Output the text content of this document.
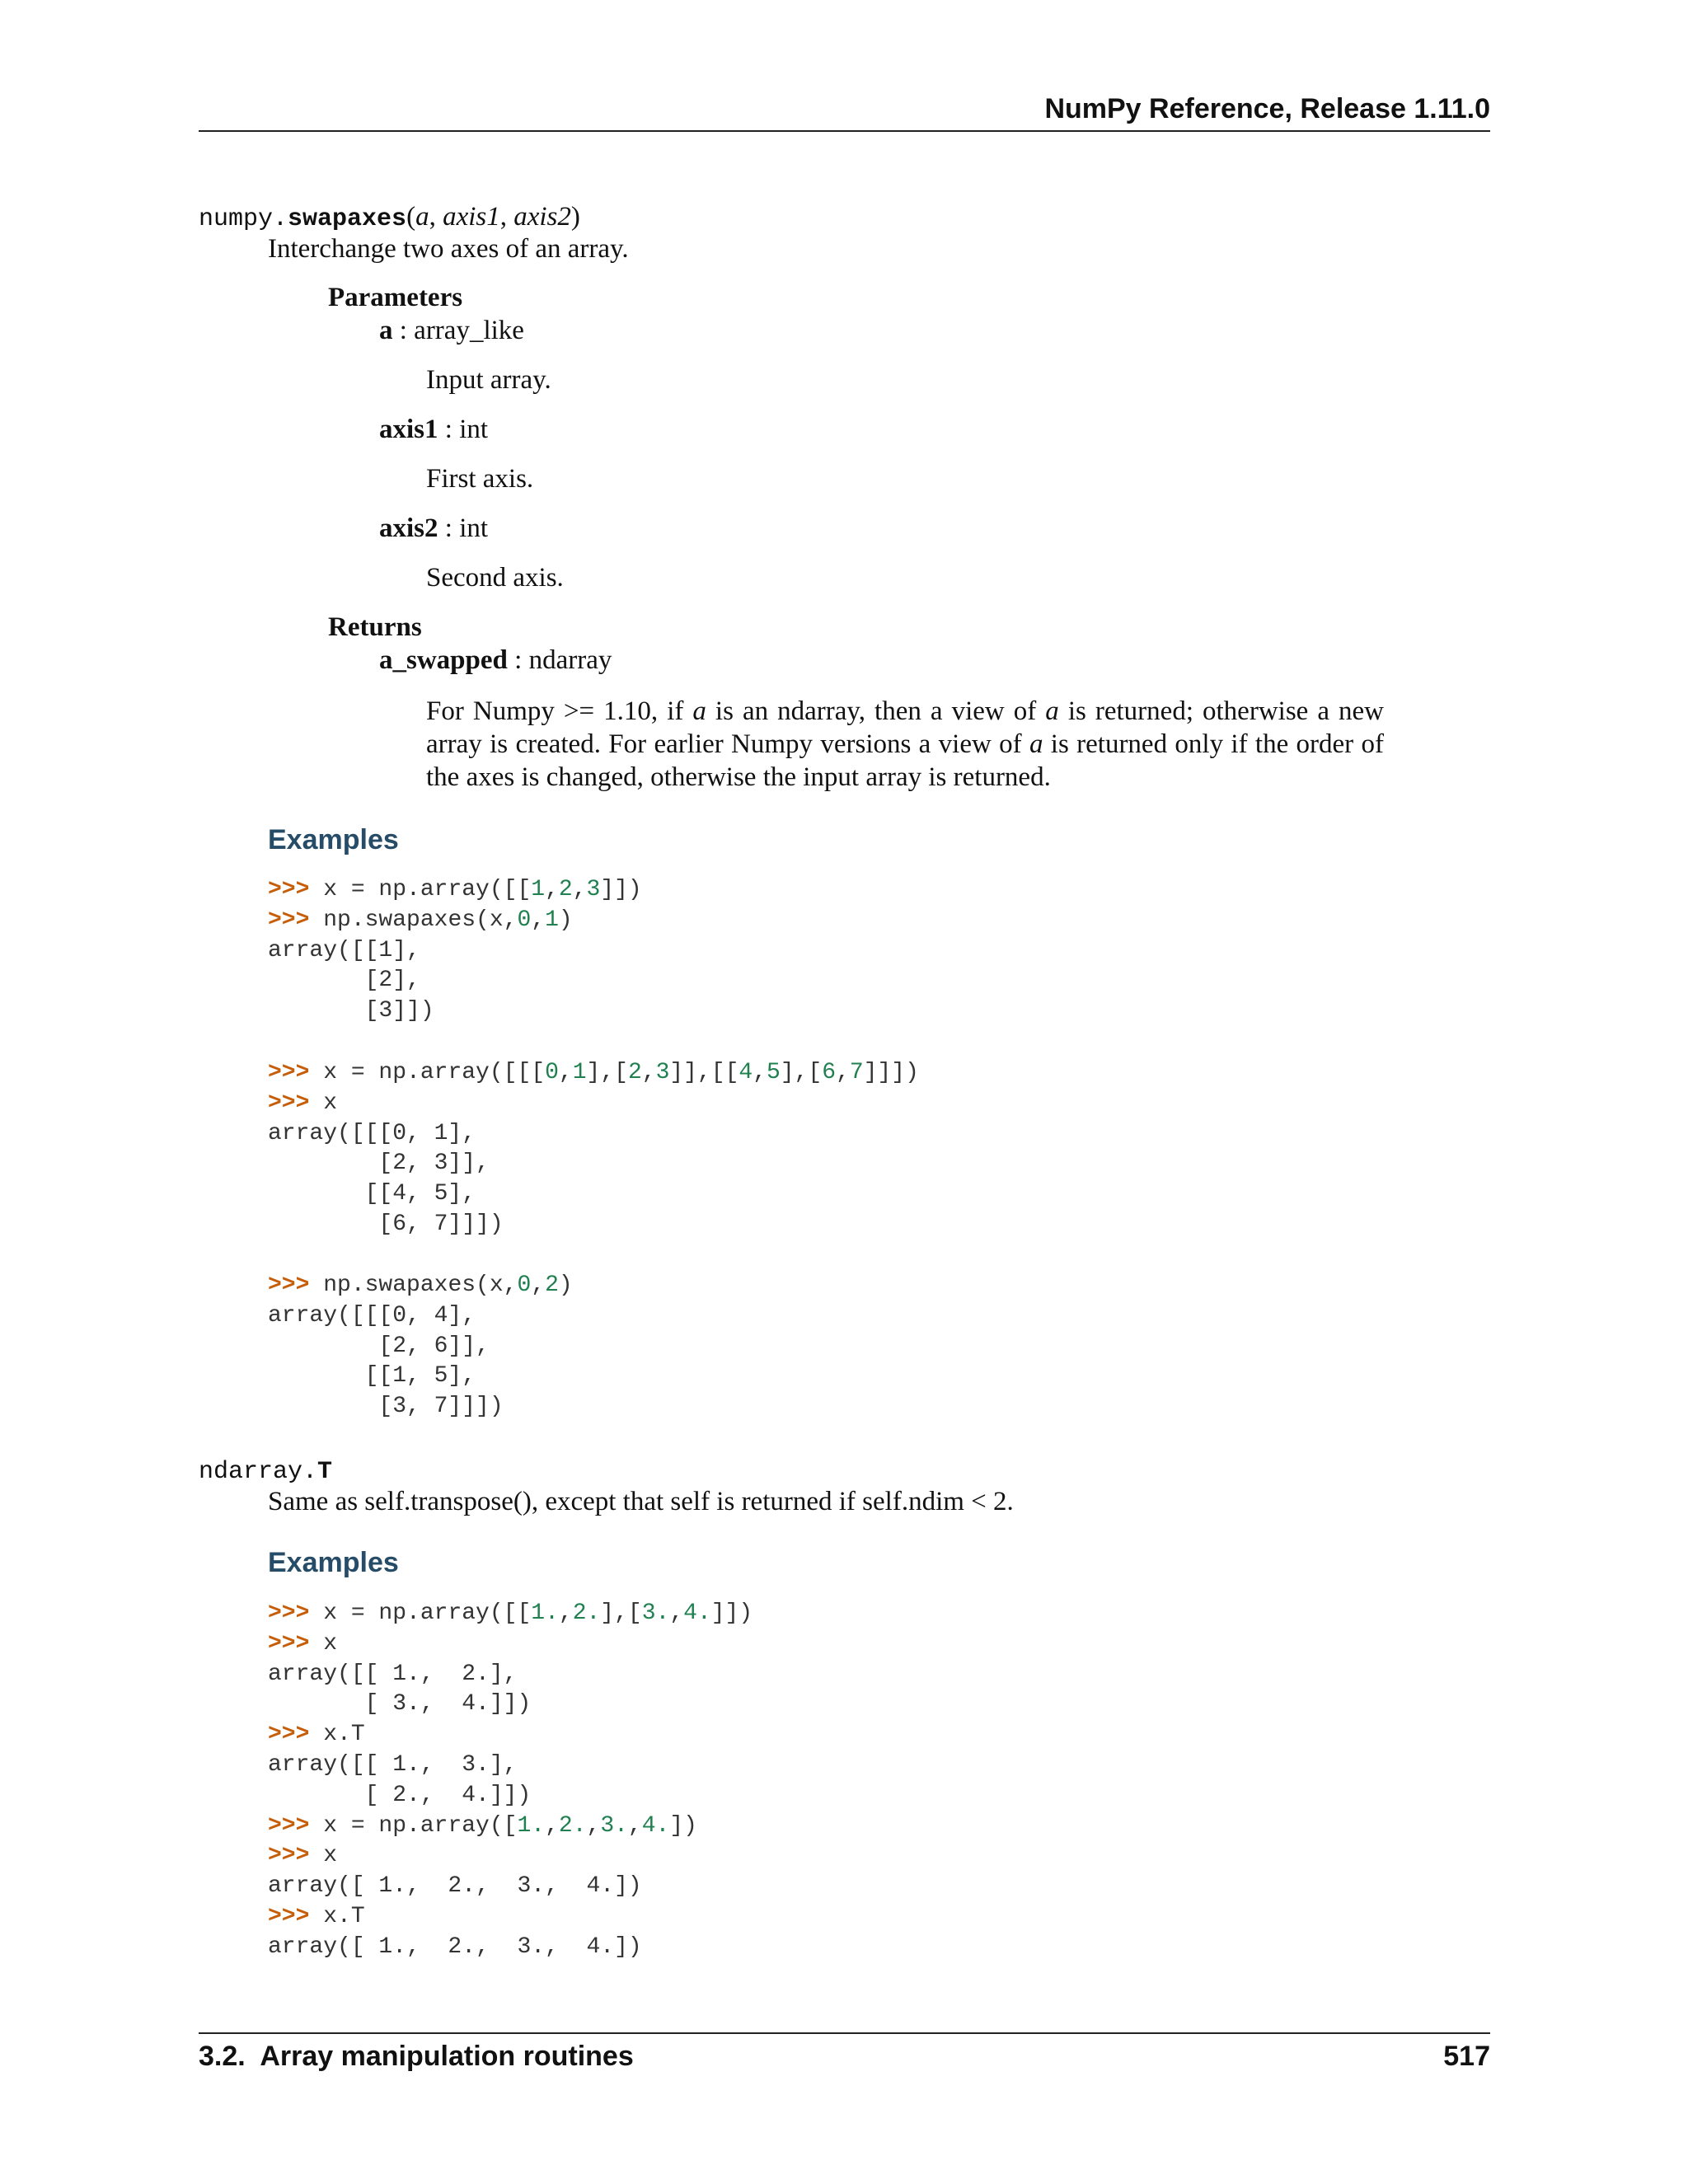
NumPy Reference, Release 1.11.0
numpy.swapaxes(a, axis1, axis2)
Interchange two axes of an array.
Parameters
a : array_like
Input array.
axis1 : int
First axis.
axis2 : int
Second axis.
Returns
a_swapped : ndarray
For Numpy >= 1.10, if a is an ndarray, then a view of a is returned; otherwise a new array is created. For earlier Numpy versions a view of a is returned only if the order of the axes is changed, otherwise the input array is returned.
Examples
>>> x = np.array([[1,2,3]])
>>> np.swapaxes(x,0,1)
array([[1],
[2],
[3]])
>>> x = np.array([[[0,1],[2,3]],[[4,5],[6,7]]])
>>> x
array([[[0, 1],
[2, 3]],
[[4, 5],
[6, 7]]])
>>> np.swapaxes(x,0,2)
array([[[0, 4],
[2, 6]],
[[1, 5],
[3, 7]]])
ndarray.T
Same as self.transpose(), except that self is returned if self.ndim < 2.
Examples
>>> x = np.array([[1.,2.],[3.,4.]])
>>> x
array([[ 1.,  2.],
[ 3.,  4.]])
>>> x.T
array([[ 1.,  3.],
[ 2.,  4.]])
>>> x = np.array([1.,2.,3.,4.])
>>> x
array([ 1.,  2.,  3.,  4.])
>>> x.T
array([ 1.,  2.,  3.,  4.])
3.2.  Array manipulation routines	517
